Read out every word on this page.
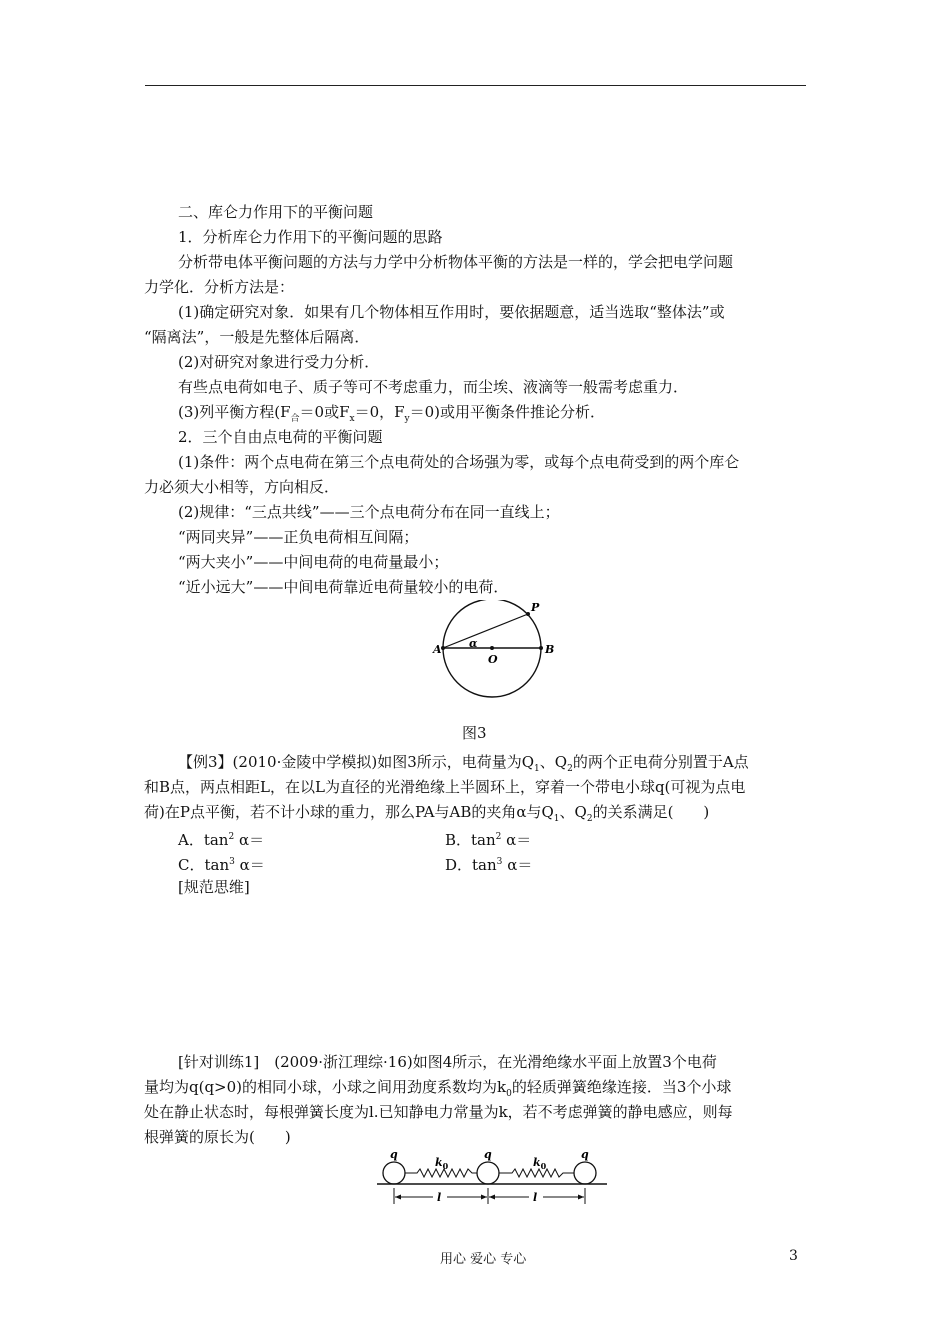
二、库仑力作用下的平衡问题
1．分析库仑力作用下的平衡问题的思路
分析带电体平衡问题的方法与力学中分析物体平衡的方法是一样的，学会把电学问题
力学化．分析方法是：
(1)确定研究对象．如果有几个物体相互作用时，要依据题意，适当选取“整体法”或
“隔离法”，一般是先整体后隔离．
(2)对研究对象进行受力分析．
有些点电荷如电子、质子等可不考虑重力，而尘埃、液滴等一般需考虑重力．
(3)列平衡方程($F_合=0$或$F_x=0$，$F_y=0$)或用平衡条件推论分析．
2．三个自由点电荷的平衡问题
(1)条件：两个点电荷在第三个点电荷处的合场强为零，或每个点电荷受到的两个库仑
力必须大小相等，方向相反．
(2)规律：“三点共线”——三个点电荷分布在同一直线上；
“两同夹异”——正负电荷相互间隔；
“两大夹小”——中间电荷的电荷量最小；
“近小远大”——中间电荷靠近电荷量较小的电荷．
A	B
O
P
α
图3
【例3】(2010·金陵中学模拟)如图3所示，电荷量为$Q_1$、$Q_2$的两个正电荷分别置于A点
和B点，两点相距L，在以L为直径的光滑绝缘上半圆环上，穿着一个带电小球q(可视为点电
荷)在P点平衡，若不计小球的重力，那么PA与AB的夹角α与$Q_1$、$Q_2$的关系满足(　　)
A．$\tan^2 \alpha=$	B．$\tan^2 \alpha=$
C．$\tan^3 \alpha=$	D．$\tan^3 \alpha=$
[规范思维]
[针对训练1]　(2009·浙江理综·16)如图4所示，在光滑绝缘水平面上放置3个电荷
量均为q(q>0)的相同小球，小球之间用劲度系数均为$k_0$的轻质弹簧绝缘连接．当3个小球
处在静止状态时，每根弹簧长度为l.已知静电力常量为k，若不考虑弹簧的静电感应，则每
根弹簧的原长为(　　)
q	q	q
$k_0$	$k_0$
l	l
用心 爱心 专心	3
